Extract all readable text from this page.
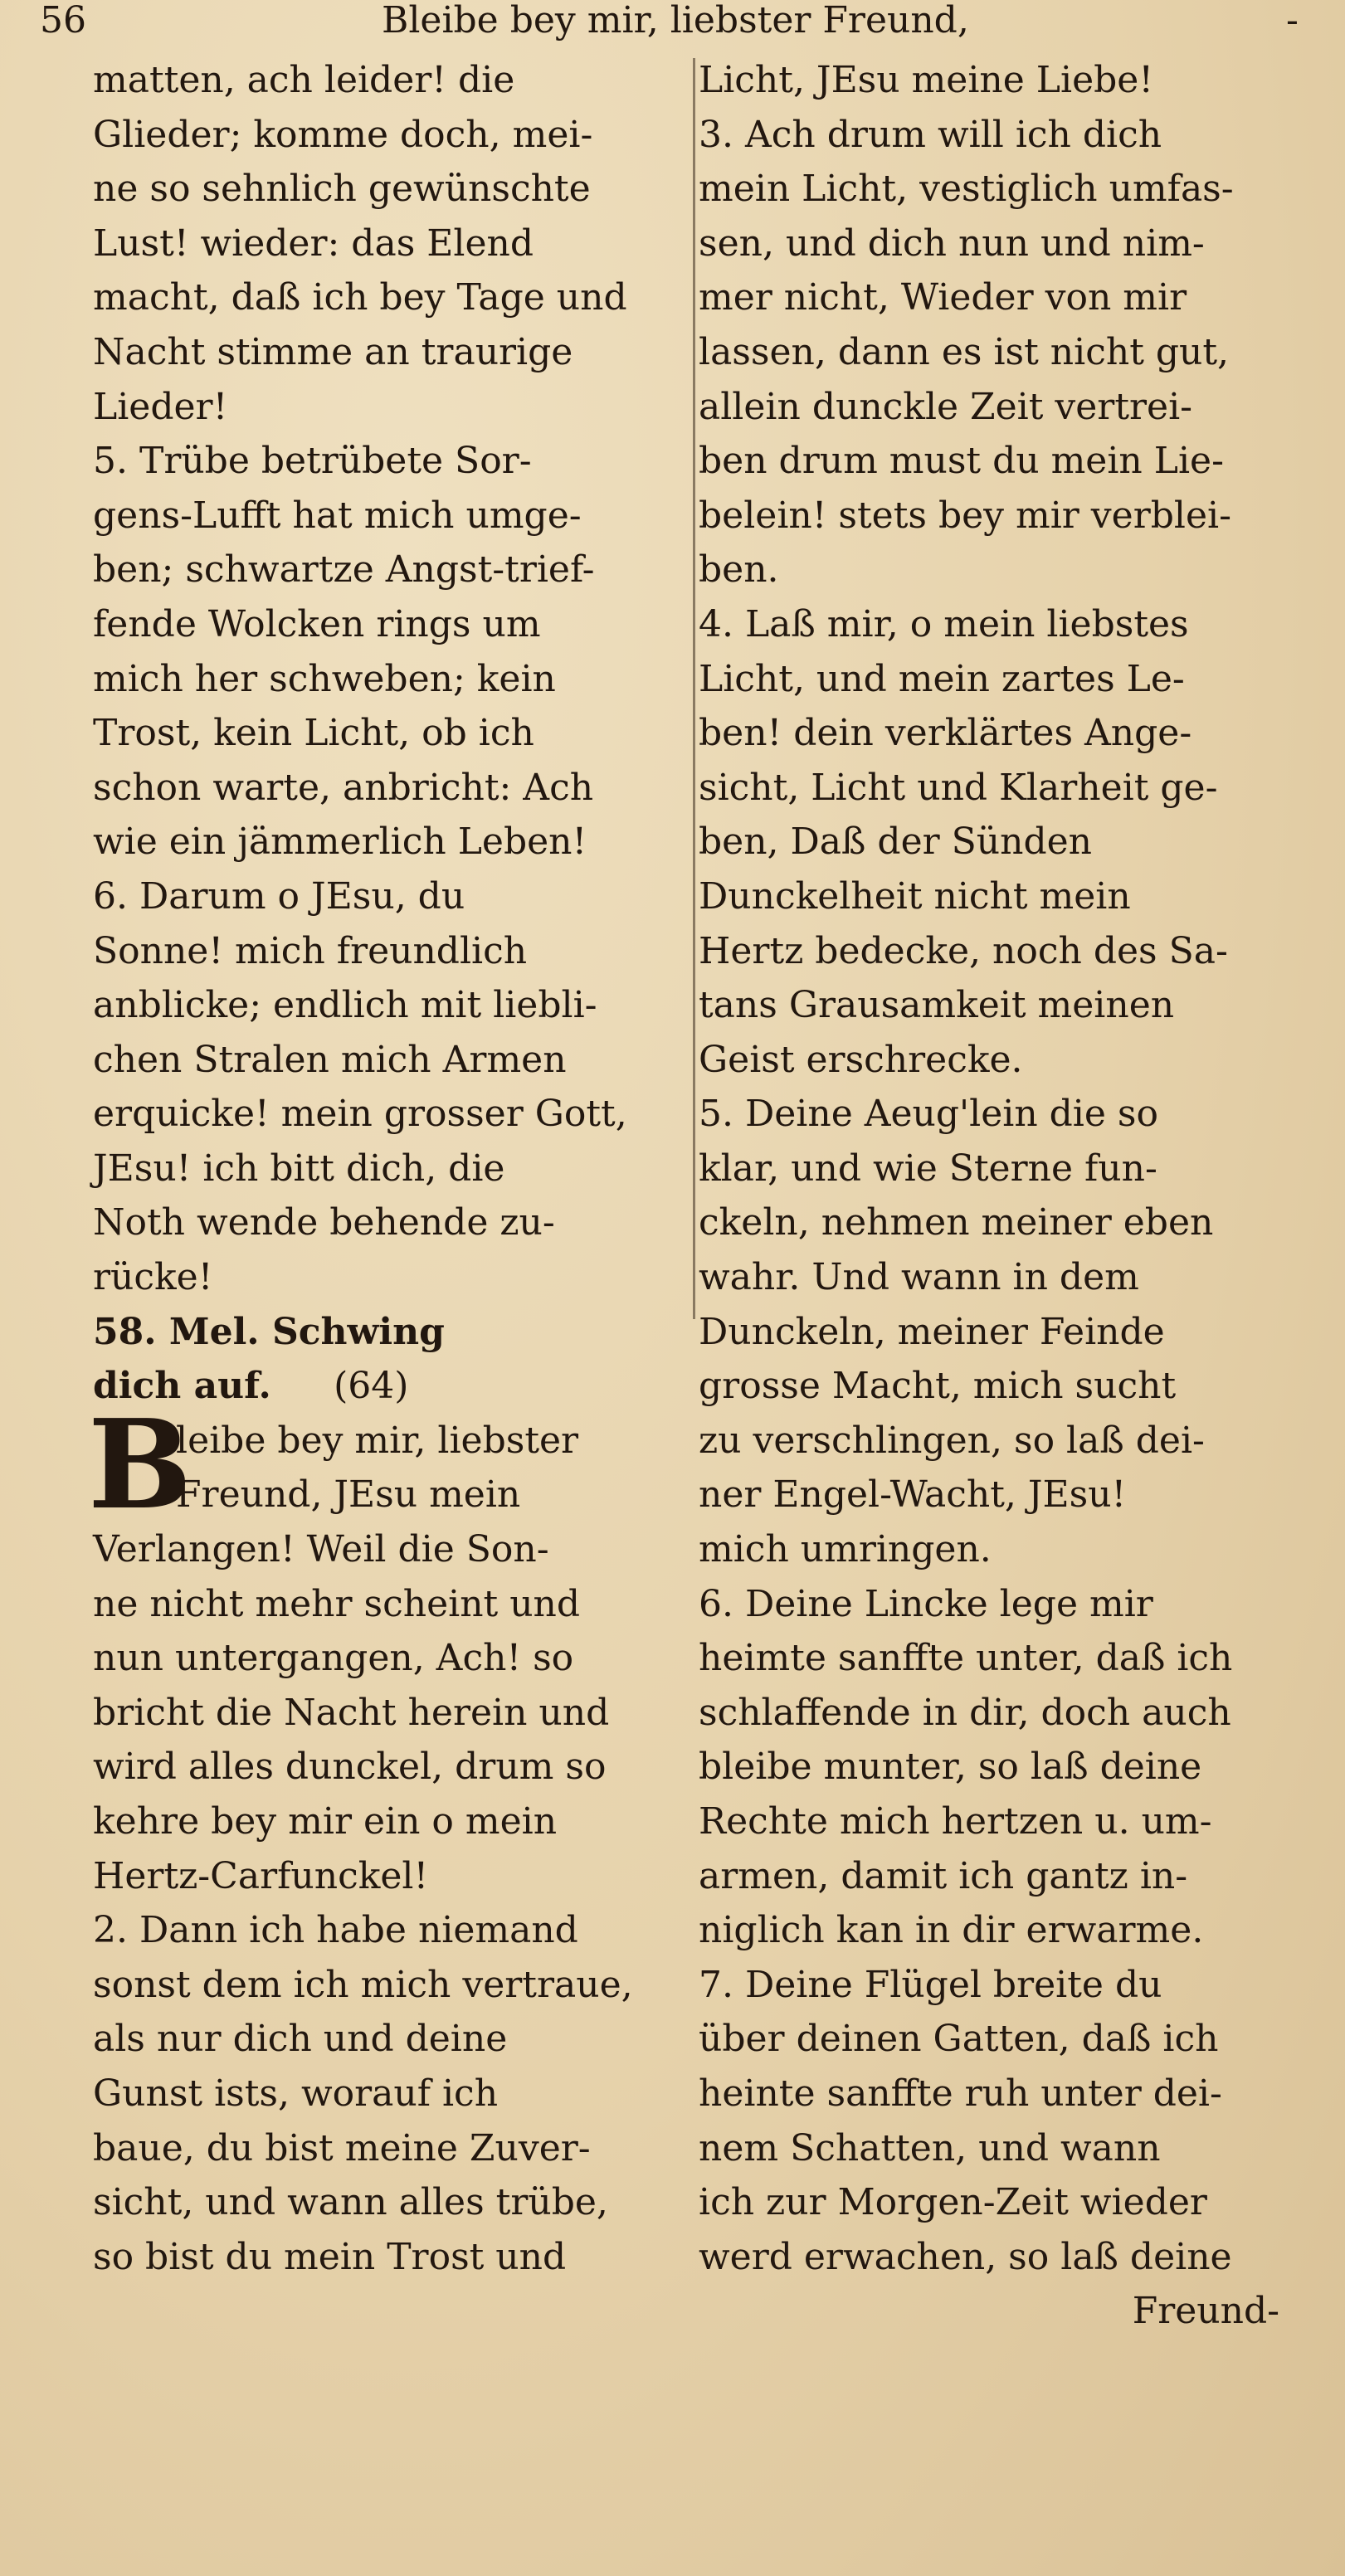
56	Bleibe bey mir, liebster Freund,	-
matten, ach leider! die
Glieder; komme doch, mei-
ne so sehnlich gewünschte
Lust! wieder: das Elend
macht, daß ich bey Tage und
Nacht stimme an traurige
Lieder!
5. Trübe betrübete Sor-
gens-Lufft hat mich umge-
ben; schwartze Angst-trief-
fende Wolcken rings um
mich her schweben; kein
Trost, kein Licht, ob ich
schon warte, anbricht: Ach
wie ein jämmerlich Leben!
6. Darum o JEsu, du
Sonne! mich freundlich
anblicke; endlich mit liebli-
chen Stralen mich Armen
erquicke! mein grosser Gott,
JEsu! ich bitt dich, die
Noth wende behende zu-
rücke!
58. Mel. Schwing
dich auf. (64)
B
leibe bey mir, liebster
Freund, JEsu mein
Verlangen! Weil die Son-
ne nicht mehr scheint und
nun untergangen, Ach! so
bricht die Nacht herein und
wird alles dunckel, drum so
kehre bey mir ein o mein
Hertz-Carfunckel!
2. Dann ich habe niemand
sonst dem ich mich vertraue,
als nur dich und deine
Gunst ists, worauf ich
baue, du bist meine Zuver-
sicht, und wann alles trübe,
so bist du mein Trost und
Licht, JEsu meine Liebe!
3. Ach drum will ich dich
mein Licht, vestiglich umfas-
sen, und dich nun und nim-
mer nicht, Wieder von mir
lassen, dann es ist nicht gut,
allein dunckle Zeit vertrei-
ben drum must du mein Lie-
belein! stets bey mir verblei-
ben.
4. Laß mir, o mein liebstes
Licht, und mein zartes Le-
ben! dein verklärtes Ange-
sicht, Licht und Klarheit ge-
ben, Daß der Sünden
Dunckelheit nicht mein
Hertz bedecke, noch des Sa-
tans Grausamkeit meinen
Geist erschrecke.
5. Deine Aeug'lein die so
klar, und wie Sterne fun-
ckeln, nehmen meiner eben
wahr. Und wann in dem
Dunckeln, meiner Feinde
grosse Macht, mich sucht
zu verschlingen, so laß dei-
ner Engel-Wacht, JEsu!
mich umringen.
6. Deine Lincke lege mir
heimte sanffte unter, daß ich
schlaffende in dir, doch auch
bleibe munter, so laß deine
Rechte mich hertzen u. um-
armen, damit ich gantz in-
niglich kan in dir erwarme.
7. Deine Flügel breite du
über deinen Gatten, daß ich
heinte sanffte ruh unter dei-
nem Schatten, und wann
ich zur Morgen-Zeit wieder
werd erwachen, so laß deine
Freund-
